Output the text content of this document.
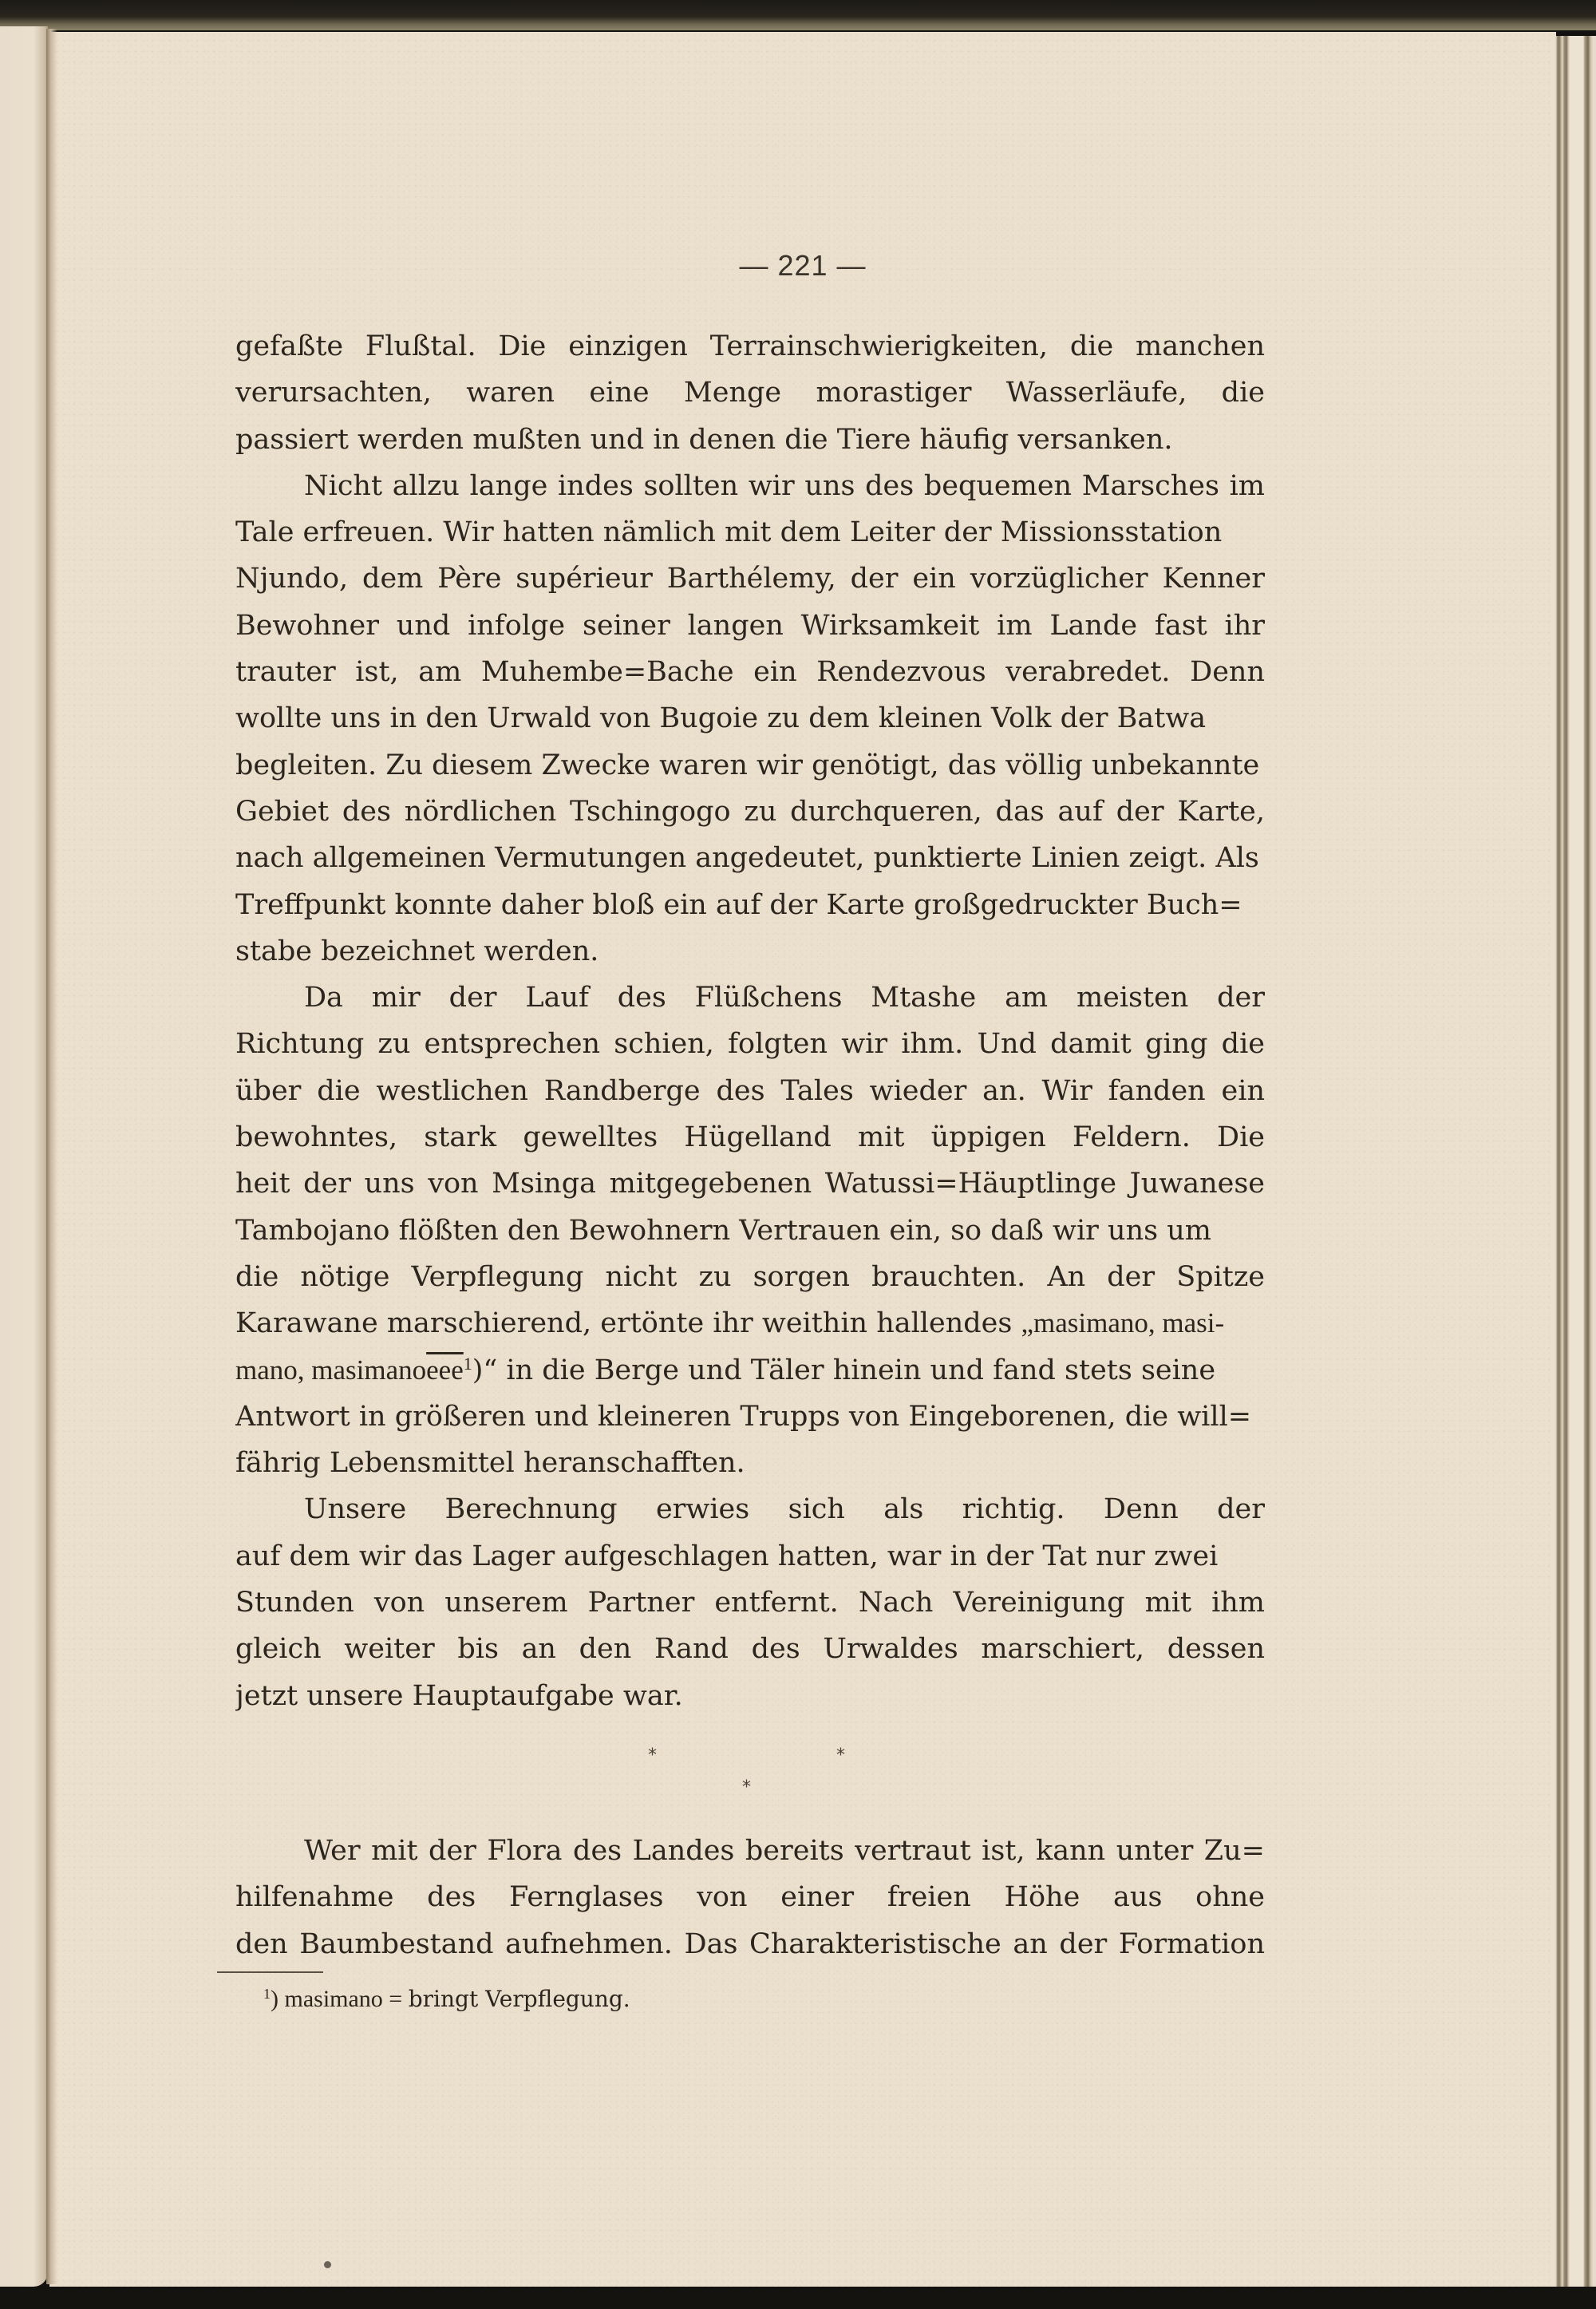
— 221 —
gefaßte Flußtal. Die einzigen Terrainschwierigkeiten, die manchen
verursachten, waren eine Menge morastiger Wasserläufe, die
passiert werden mußten und in denen die Tiere häufig versanken.
Nicht allzu lange indes sollten wir uns des bequemen Marsches im
Tale erfreuen. Wir hatten nämlich mit dem Leiter der Missionsstation
Njundo, dem Père supérieur Barthélemy, der ein vorzüglicher Kenner
Bewohner und infolge seiner langen Wirksamkeit im Lande fast ihr
trauter ist, am Muhembe=Bache ein Rendezvous verabredet. Denn
wollte uns in den Urwald von Bugoie zu dem kleinen Volk der Batwa
begleiten. Zu diesem Zwecke waren wir genötigt, das völlig unbekannte
Gebiet des nördlichen Tschingogo zu durchqueren, das auf der Karte,
nach allgemeinen Vermutungen angedeutet, punktierte Linien zeigt. Als
Treffpunkt konnte daher bloß ein auf der Karte großgedruckter Buch=
stabe bezeichnet werden.
Da mir der Lauf des Flüßchens Mtashe am meisten der
Richtung zu entsprechen schien, folgten wir ihm. Und damit ging die
über die westlichen Randberge des Tales wieder an. Wir fanden ein
bewohntes, stark gewelltes Hügelland mit üppigen Feldern. Die
heit der uns von Msinga mitgegebenen Watussi=Häuptlinge Juwanese
Tambojano flößten den Bewohnern Vertrauen ein, so daß wir uns um
die nötige Verpflegung nicht zu sorgen brauchten. An der Spitze
Karawane marschierend, ertönte ihr weithin hallendes „masimano, masi-
mano, $masimano\overline{eee}^1)“$ in die Berge und Täler hinein und fand stets seine
Antwort in größeren und kleineren Trupps von Eingeborenen, die will=
fährig Lebensmittel heranschafften.
Unsere Berechnung erwies sich als richtig. Denn der
auf dem wir das Lager aufgeschlagen hatten, war in der Tat nur zwei
Stunden von unserem Partner entfernt. Nach Vereinigung mit ihm
gleich weiter bis an den Rand des Urwaldes marschiert, dessen
jetzt unsere Hauptaufgabe war.
⁎	⁎
⁎
Wer mit der Flora des Landes bereits vertraut ist, kann unter Zu=
hilfenahme des Fernglases von einer freien Höhe aus ohne
den Baumbestand aufnehmen. Das Charakteristische an der Formation
$^1$) masimano = bringt Verpflegung.
